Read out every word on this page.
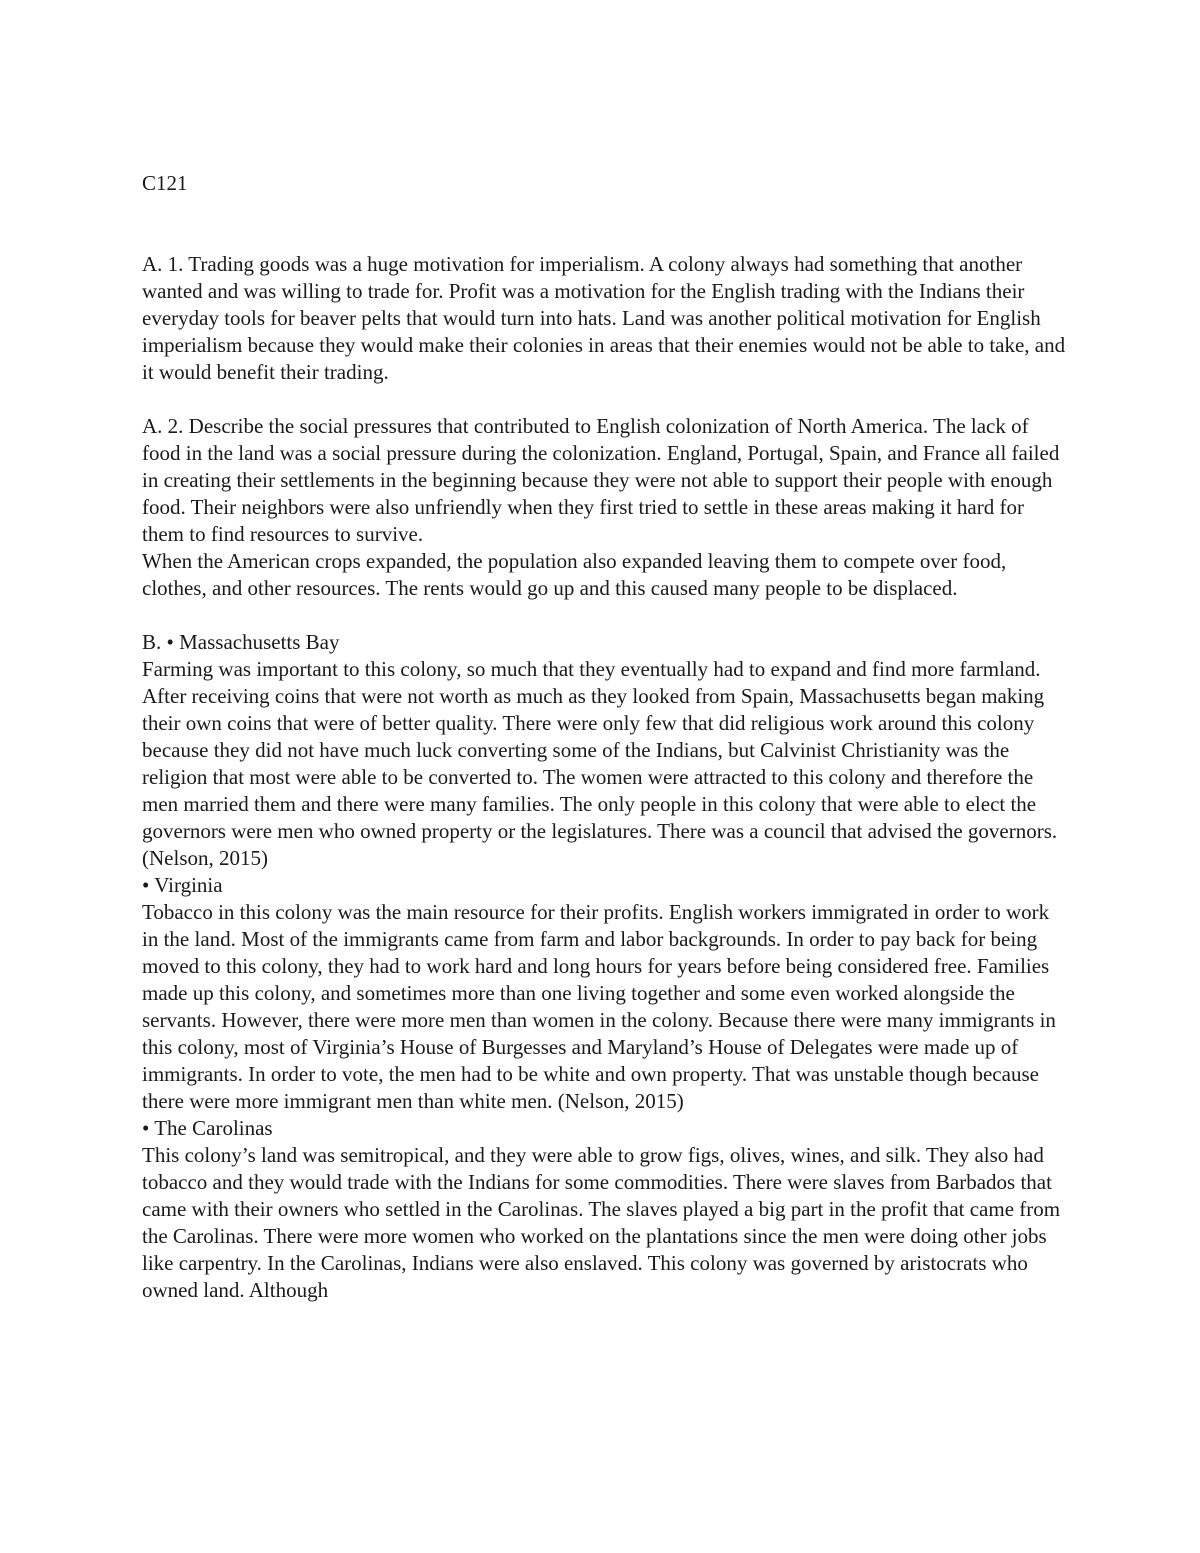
C121

A. 1. Trading goods was a huge motivation for imperialism. A colony always had something that another wanted and was willing to trade for. Profit was a motivation for the English trading with the Indians their everyday tools for beaver pelts that would turn into hats. Land was another political motivation for English imperialism because they would make their colonies in areas that their enemies would not be able to take, and it would benefit their trading.

A. 2. Describe the social pressures that contributed to English colonization of North America. The lack of food in the land was a social pressure during the colonization. England, Portugal, Spain, and France all failed in creating their settlements in the beginning because they were not able to support their people with enough food. Their neighbors were also unfriendly when they first tried to settle in these areas making it hard for them to find resources to survive.

When the American crops expanded, the population also expanded leaving them to compete over food, clothes, and other resources. The rents would go up and this caused many people to be displaced.

B. • Massachusetts Bay

Farming was important to this colony, so much that they eventually had to expand and find more farmland. After receiving coins that were not worth as much as they looked from Spain, Massachusetts began making their own coins that were of better quality. There were only few that did religious work around this colony because they did not have much luck converting some of the Indians, but Calvinist Christianity was the religion that most were able to be converted to. The women were attracted to this colony and therefore the men married them and there were many families. The only people in this colony that were able to elect the governors were men who owned property or the legislatures. There was a council that advised the governors. (Nelson, 2015)

• Virginia

Tobacco in this colony was the main resource for their profits. English workers immigrated in order to work in the land. Most of the immigrants came from farm and labor backgrounds. In order to pay back for being moved to this colony, they had to work hard and long hours for years before being considered free. Families made up this colony, and sometimes more than one living together and some even worked alongside the servants. However, there were more men than women in the colony. Because there were many immigrants in this colony, most of Virginia’s House of Burgesses and Maryland’s House of Delegates were made up of immigrants. In order to vote, the men had to be white and own property. That was unstable though because there were more immigrant men than white men. (Nelson, 2015)

• The Carolinas

This colony’s land was semitropical, and they were able to grow figs, olives, wines, and silk. They also had tobacco and they would trade with the Indians for some commodities. There were slaves from Barbados that came with their owners who settled in the Carolinas. The slaves played a big part in the profit that came from the Carolinas. There were more women who worked on the plantations since the men were doing other jobs like carpentry. In the Carolinas, Indians were also enslaved. This colony was governed by aristocrats who owned land. Although
